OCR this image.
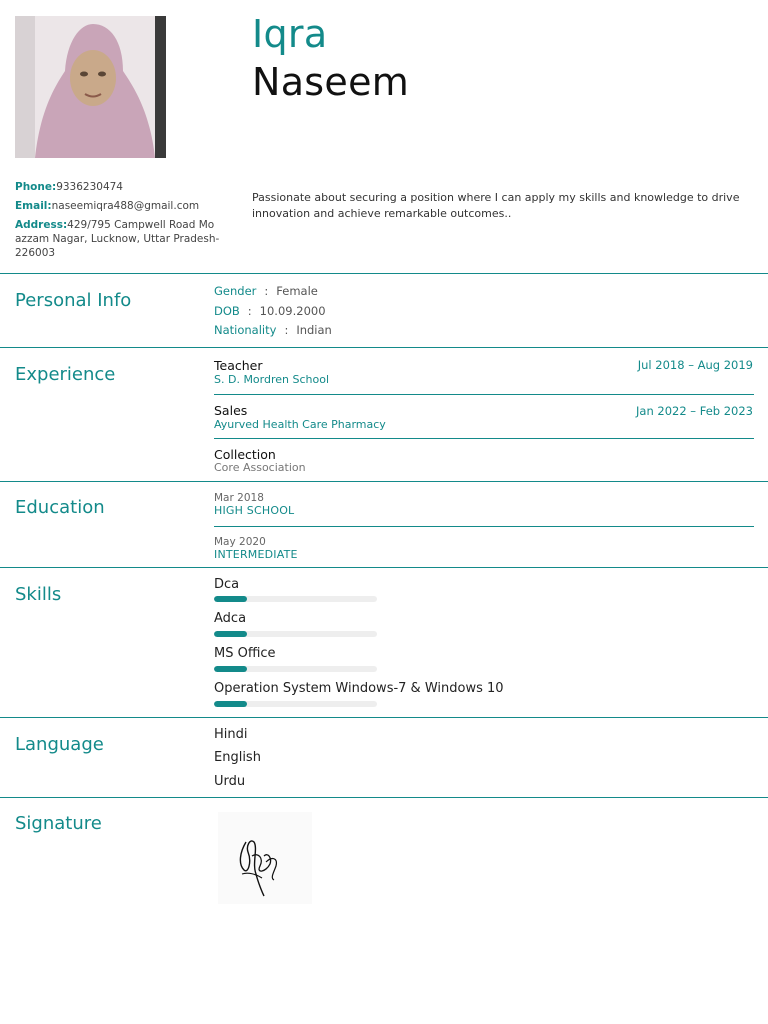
Iqra
Naseem
Phone:9336230474
Email:naseemiqra488@gmail.com
Address:429/795 Campwell Road Moazzam Nagar, Lucknow, Uttar Pradesh-226003
Passionate about securing a position where I can apply my skills and knowledge to drive innovation and achieve remarkable outcomes..
Personal Info	Gender : Female
DOB : 10.09.2000
Nationality : Indian
Experience	Teacher
S. D. Mordren School
Jul 2018 – Aug 2019
Sales
Ayurved Health Care Pharmacy
Jan 2022 – Feb 2023
Collection
Core Association
Education	Mar 2018
HIGH SCHOOL
May 2020
INTERMEDIATE
Skills	Dca
Adca
MS Office
Operation System Windows-7 & Windows 10
Language	Hindi
English
Urdu
Signature
